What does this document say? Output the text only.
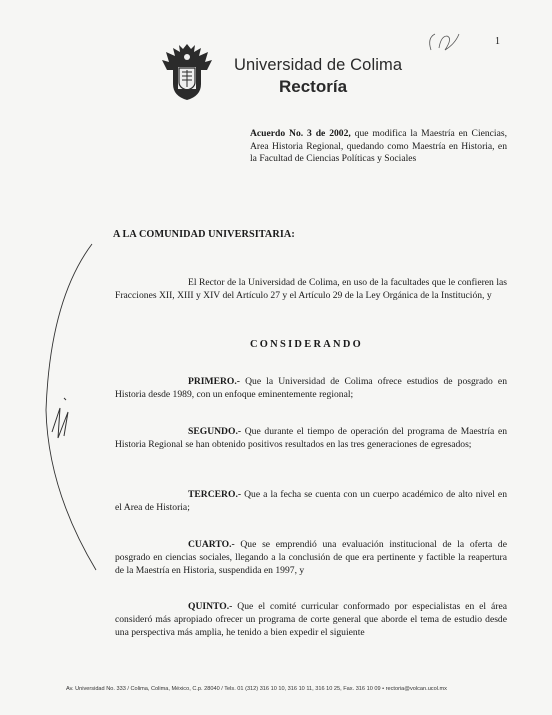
Universidad de Colima
Rectoría
1
Acuerdo No. 3 de 2002, que modifica la Maestría en Ciencias, Area Historia Regional, quedando como Maestría en Historia, en la Facultad de Ciencias Políticas y Sociales
A LA COMUNIDAD UNIVERSITARIA:
El Rector de la Universidad de Colima, en uso de la facultades que le confieren las Fracciones XII, XIII y XIV del Artículo 27 y el Artículo 29 de la Ley Orgánica de la Institución, y
CONSIDERANDO
PRIMERO.- Que la Universidad de Colima ofrece estudios de posgrado en Historia desde 1989, con un enfoque eminentemente regional;
SEGUNDO.- Que durante el tiempo de operación del programa de Maestría en Historia Regional se han obtenido positivos resultados en las tres generaciones de egresados;
TERCERO.- Que a la fecha se cuenta con un cuerpo académico de alto nivel en el Area de Historia;
CUARTO.- Que se emprendió una evaluación institucional de la oferta de posgrado en ciencias sociales, llegando a la conclusión de que era pertinente y factible la reapertura de la Maestría en Historia, suspendida en 1997, y
QUINTO.- Que el comité curricular conformado por especialistas en el área consideró más apropiado ofrecer un programa de corte general que aborde el tema de estudio desde una perspectiva más amplia, he tenido a bien expedir el siguiente
Av. Universidad No. 333 / Colima, Colima, México, C.p. 28040 / Tels. 01 (312) 316 10 10, 316 10 11, 316 10 25, Fax. 316 10 09 • rectoria@volcan.ucol.mx
